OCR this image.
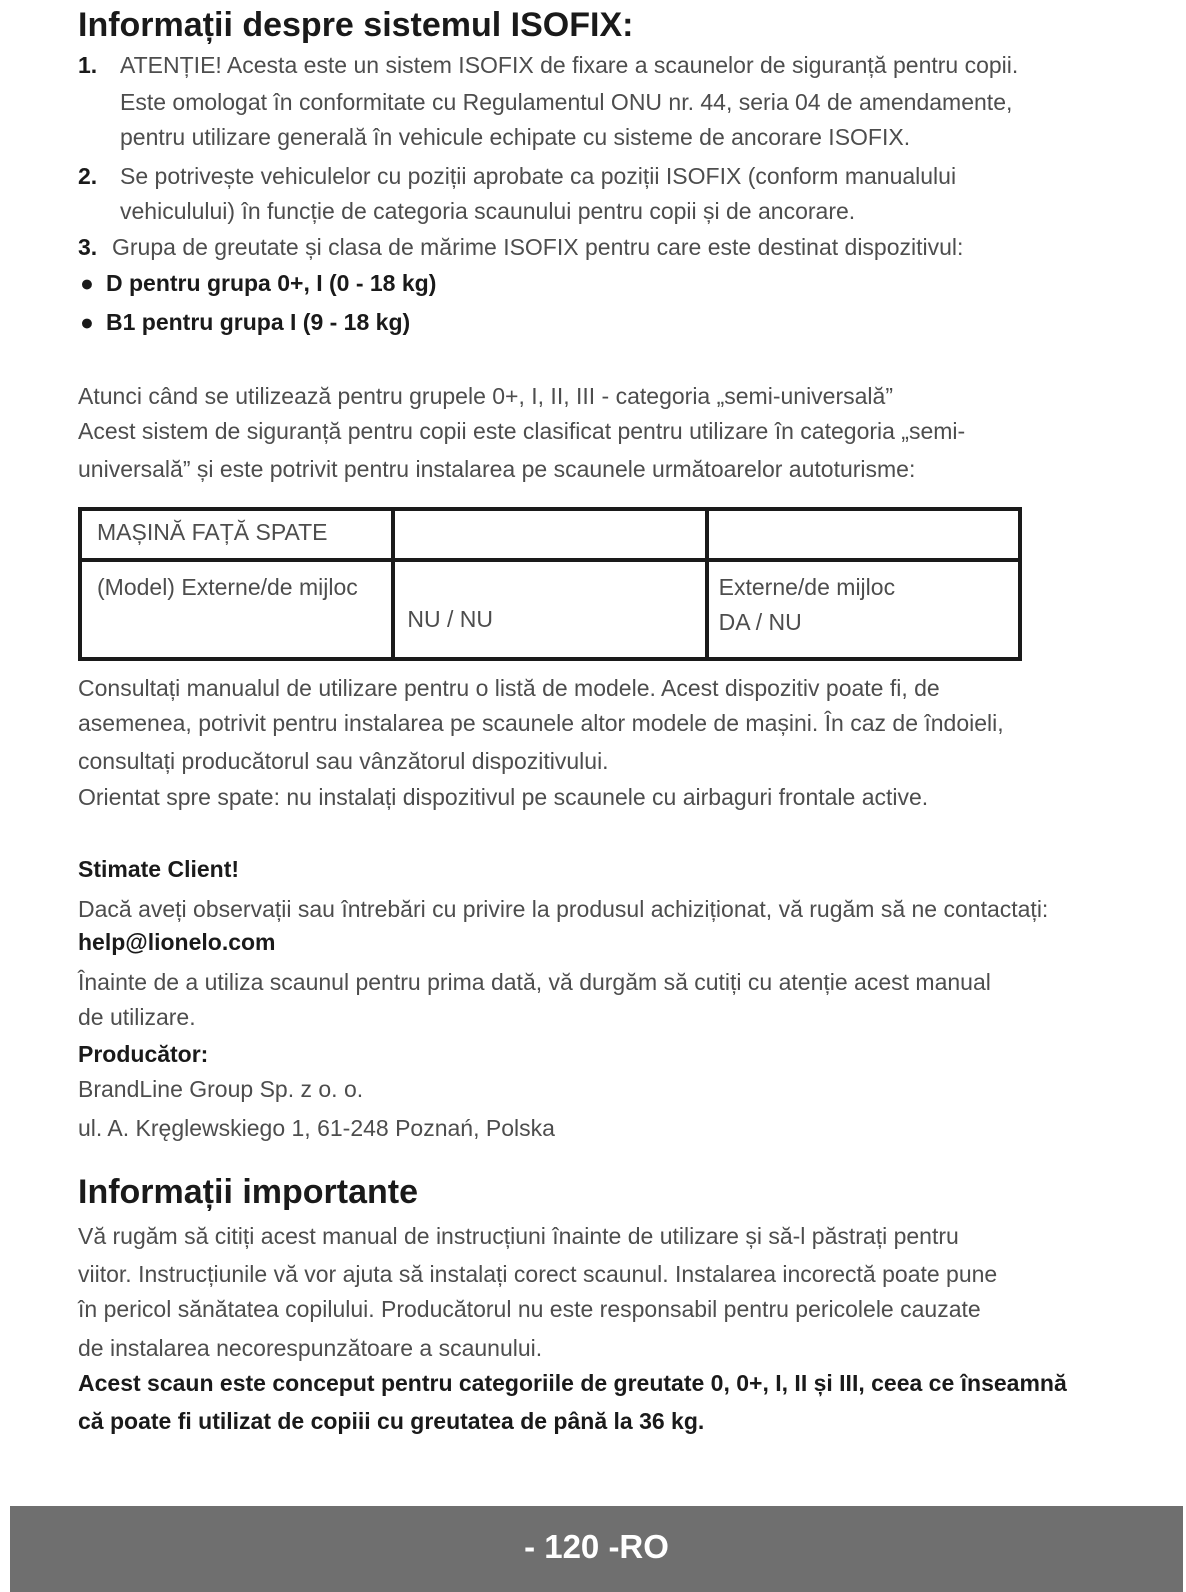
Informații despre sistemul ISOFIX:
1. ATENȚIE! Acesta este un sistem ISOFIX de fixare a scaunelor de siguranță pentru copii.
Este omologat în conformitate cu Regulamentul ONU nr. 44, seria 04 de amendamente,
pentru utilizare generală în vehicule echipate cu sisteme de ancorare ISOFIX.
2. Se potrivește vehiculelor cu poziții aprobate ca poziții ISOFIX (conform manualului
vehiculului) în funcție de categoria scaunului pentru copii și de ancorare.
3. Grupa de greutate și clasa de mărime ISOFIX pentru care este destinat dispozitivul:
● D pentru grupa 0+, I (0 - 18 kg)
● B1 pentru grupa I (9 - 18 kg)
Atunci când se utilizează pentru grupele 0+, I, II, III - categoria „semi-universală”
Acest sistem de siguranță pentru copii este clasificat pentru utilizare în categoria „semi-
universală” și este potrivit pentru instalarea pe scaunele următoarelor autoturisme:
MAȘINĂ FAȚĂ SPATE		

(Model) Externe/de mijloc	NU / NU	Externe/de mijloc
DA / NU
Consultați manualul de utilizare pentru o listă de modele. Acest dispozitiv poate fi, de
asemenea, potrivit pentru instalarea pe scaunele altor modele de mașini. În caz de îndoieli,
consultați producătorul sau vânzătorul dispozitivului.
Orientat spre spate: nu instalați dispozitivul pe scaunele cu airbaguri frontale active.
Stimate Client!
Dacă aveți observații sau întrebări cu privire la produsul achiziționat, vă rugăm să ne contactați:
help@lionelo.com
Înainte de a utiliza scaunul pentru prima dată, vă durgăm să cutiți cu atenție acest manual
de utilizare.
Producător:
BrandLine Group Sp. z o. o.
ul. A. Kręglewskiego 1, 61-248 Poznań, Polska
Informații importante
Vă rugăm să citiți acest manual de instrucțiuni înainte de utilizare și să-l păstrați pentru
viitor. Instrucțiunile vă vor ajuta să instalați corect scaunul. Instalarea incorectă poate pune
în pericol sănătatea copilului. Producătorul nu este responsabil pentru pericolele cauzate
de instalarea necorespunzătoare a scaunului.
Acest scaun este conceput pentru categoriile de greutate 0, 0+, I, II și III, ceea ce înseamnă
că poate fi utilizat de copiii cu greutatea de până la 36 kg.
- 120 -RO
